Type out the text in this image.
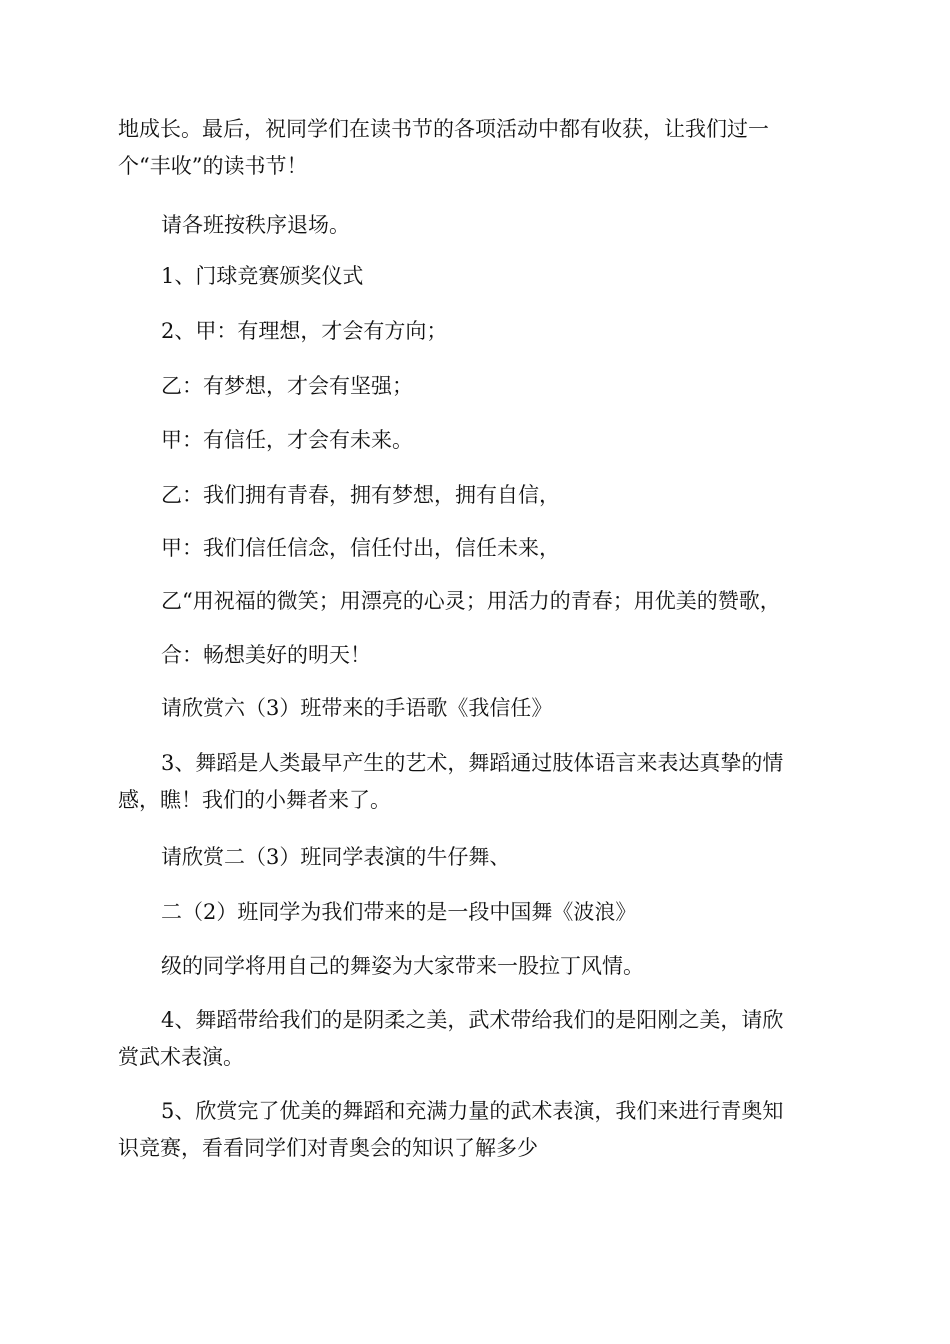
地成长。最后，祝同学们在读书节的各项活动中都有收获，让我们过一
个“丰收”的读书节！
请各班按秩序退场。
1、门球竞赛颁奖仪式
2、甲：有理想，才会有方向；
乙：有梦想，才会有坚强；
甲：有信任，才会有未来。
乙：我们拥有青春，拥有梦想，拥有自信，
甲：我们信任信念，信任付出，信任未来，
乙“用祝福的微笑；用漂亮的心灵；用活力的青春；用优美的赞歌，
合：畅想美好的明天！
请欣赏六（3）班带来的手语歌《我信任》
3、舞蹈是人类最早产生的艺术，舞蹈通过肢体语言来表达真挚的情
感，瞧！我们的小舞者来了。
请欣赏二（3）班同学表演的牛仔舞、
二（2）班同学为我们带来的是一段中国舞《波浪》
级的同学将用自己的舞姿为大家带来一股拉丁风情。
4、舞蹈带给我们的是阴柔之美，武术带给我们的是阳刚之美，请欣
赏武术表演。
5、欣赏完了优美的舞蹈和充满力量的武术表演，我们来进行青奥知
识竞赛，看看同学们对青奥会的知识了解多少
